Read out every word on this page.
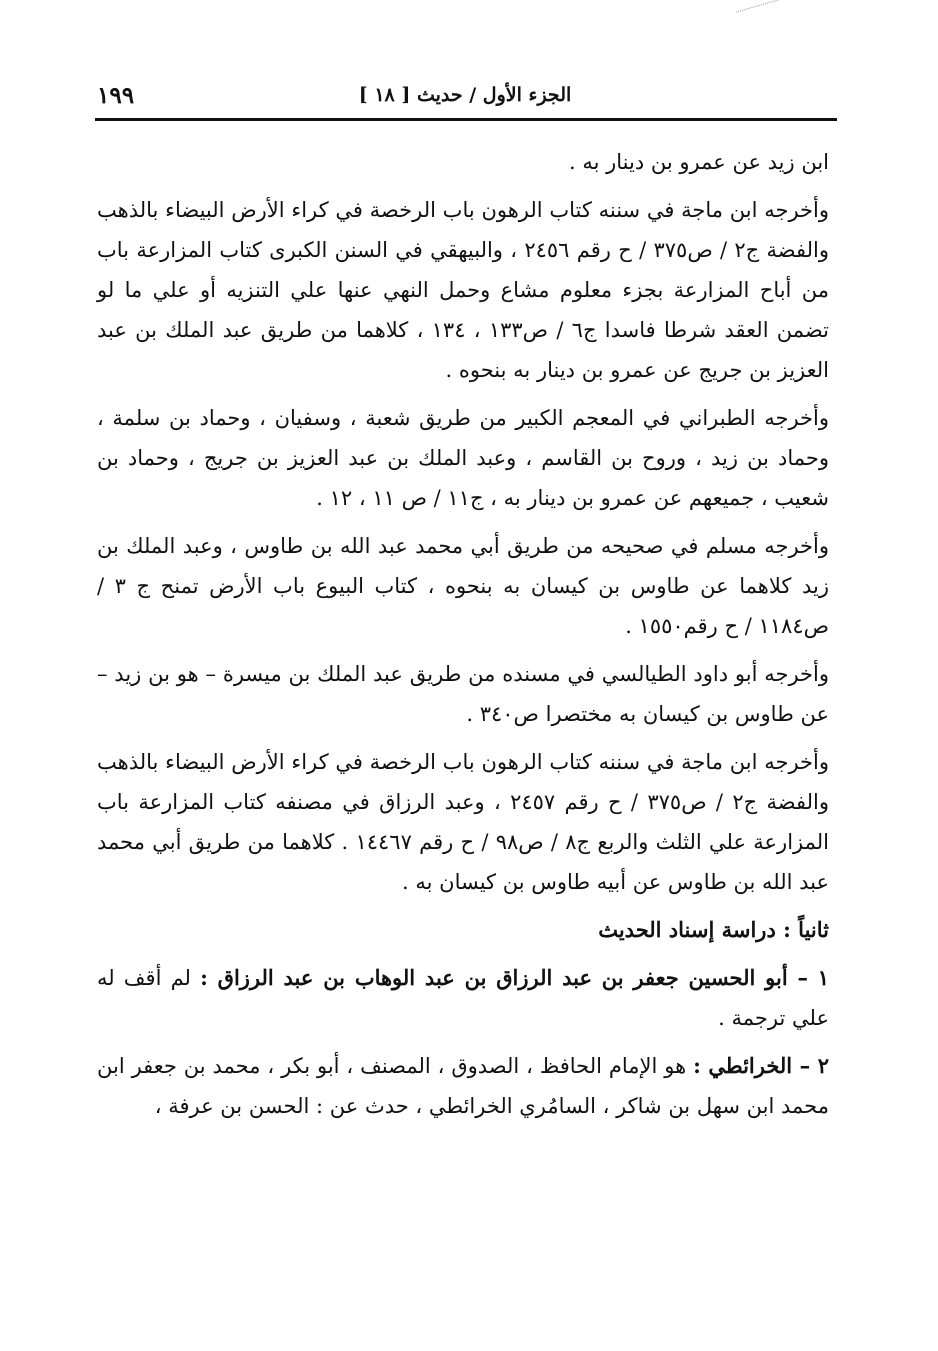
الجزء الأول / حديث [ ١٨ ]
١٩٩

ابن زيد عن عمرو بن دينار به .

وأخرجه ابن ماجة في سننه كتاب الرهون باب الرخصة في كراء الأرض البيضاء بالذهب والفضة ج٢ / ص٣٧٥ / ح رقم ٢٤٥٦ ، والبيهقي في السنن الكبرى كتاب المزارعة باب من أباح المزارعة بجزء معلوم مشاع وحمل النهي عنها علي التنزيه أو علي ما لو تضمن العقد شرطا فاسدا ج٦ / ص١٣٣ ، ١٣٤ ، كلاهما من طريق عبد الملك بن عبد العزيز بن جريج عن عمرو بن دينار به بنحوه .

وأخرجه الطبراني في المعجم الكبير من طريق شعبة ، وسفيان ، وحماد بن سلمة ، وحماد بن زيد ، وروح بن القاسم ، وعبد الملك بن عبد العزيز بن جريج ، وحماد بن شعيب ، جميعهم عن عمرو بن دينار به ، ج١١ / ص ١١ ، ١٢ .

وأخرجه مسلم في صحيحه من طريق أبي محمد عبد الله بن طاوس ، وعبد الملك بن زيد كلاهما عن طاوس بن كيسان به بنحوه ، كتاب البيوع باب الأرض تمنح ج ٣ / ص١١٨٤ / ح رقم١٥٥٠ .

وأخرجه أبو داود الطيالسي في مسنده من طريق عبد الملك بن ميسرة – هو بن زيد – عن طاوس بن كيسان به مختصرا ص٣٤٠ .

وأخرجه ابن ماجة في سننه كتاب الرهون باب الرخصة في كراء الأرض البيضاء بالذهب والفضة ج٢ / ص٣٧٥ / ح رقم ٢٤٥٧ ، وعبد الرزاق في مصنفه كتاب المزارعة باب المزارعة علي الثلث والربع ج٨ / ص٩٨ / ح رقم ١٤٤٦٧ . كلاهما من طريق أبي محمد عبد الله بن طاوس عن أبيه طاوس بن كيسان به .

ثانياً : دراسة إسناد الحديث

١ – أبو الحسين جعفر بن عبد الرزاق بن عبد الوهاب بن عبد الرزاق : لم أقف له علي ترجمة .

٢ – الخرائطي : هو الإمام الحافظ ، الصدوق ، المصنف ، أبو بكر ، محمد بن جعفر ابن محمد ابن سهل بن شاكر ، السامُري الخرائطي ، حدث عن : الحسن بن عرفة ،
